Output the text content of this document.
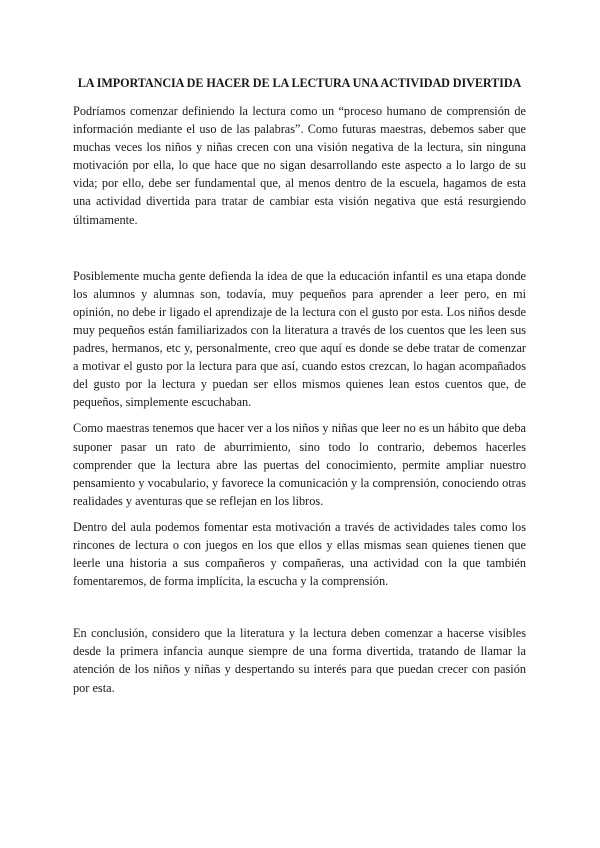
LA IMPORTANCIA DE HACER DE LA LECTURA UNA ACTIVIDAD DIVERTIDA

Podríamos comenzar definiendo la lectura como un “proceso humano de comprensión de información mediante el uso de las palabras”. Como futuras maestras, debemos saber que muchas veces los niños y niñas crecen con una visión negativa de la lectura, sin ninguna motivación por ella, lo que hace que no sigan desarrollando este aspecto a lo largo de su vida; por ello, debe ser fundamental que, al menos dentro de la escuela, hagamos de esta una actividad divertida para tratar de cambiar esta visión negativa que está resurgiendo últimamente.

Posiblemente mucha gente defienda la idea de que la educación infantil es una etapa donde los alumnos y alumnas son, todavía, muy pequeños para aprender a leer pero, en mi opinión, no debe ir ligado el aprendizaje de la lectura con el gusto por esta. Los niños desde muy pequeños están familiarizados con la literatura a través de los cuentos que les leen sus padres, hermanos, etc y, personalmente, creo que aquí es donde se debe tratar de comenzar a motivar el gusto por la lectura para que así, cuando estos crezcan, lo hagan acompañados del gusto por la lectura y puedan ser ellos mismos quienes lean estos cuentos que, de pequeños, simplemente escuchaban.

Como maestras tenemos que hacer ver a los niños y niñas que leer no es un hábito que deba suponer pasar un rato de aburrimiento, sino todo lo contrario, debemos hacerles comprender que la lectura abre las puertas del conocimiento, permite ampliar nuestro pensamiento y vocabulario, y favorece la comunicación y la comprensión, conociendo otras realidades y aventuras que se reflejan en los libros.

Dentro del aula podemos fomentar esta motivación a través de actividades tales como los rincones de lectura o con juegos en los que ellos y ellas mismas sean quienes tienen que leerle una historia a sus compañeros y compañeras, una actividad con la que también fomentaremos, de forma implícita, la escucha y la comprensión.

En conclusión, considero que la literatura y la lectura deben comenzar a hacerse visibles desde la primera infancia aunque siempre de una forma divertida, tratando de llamar la atención de los niños y niñas y despertando su interés para que puedan crecer con pasión por esta.
